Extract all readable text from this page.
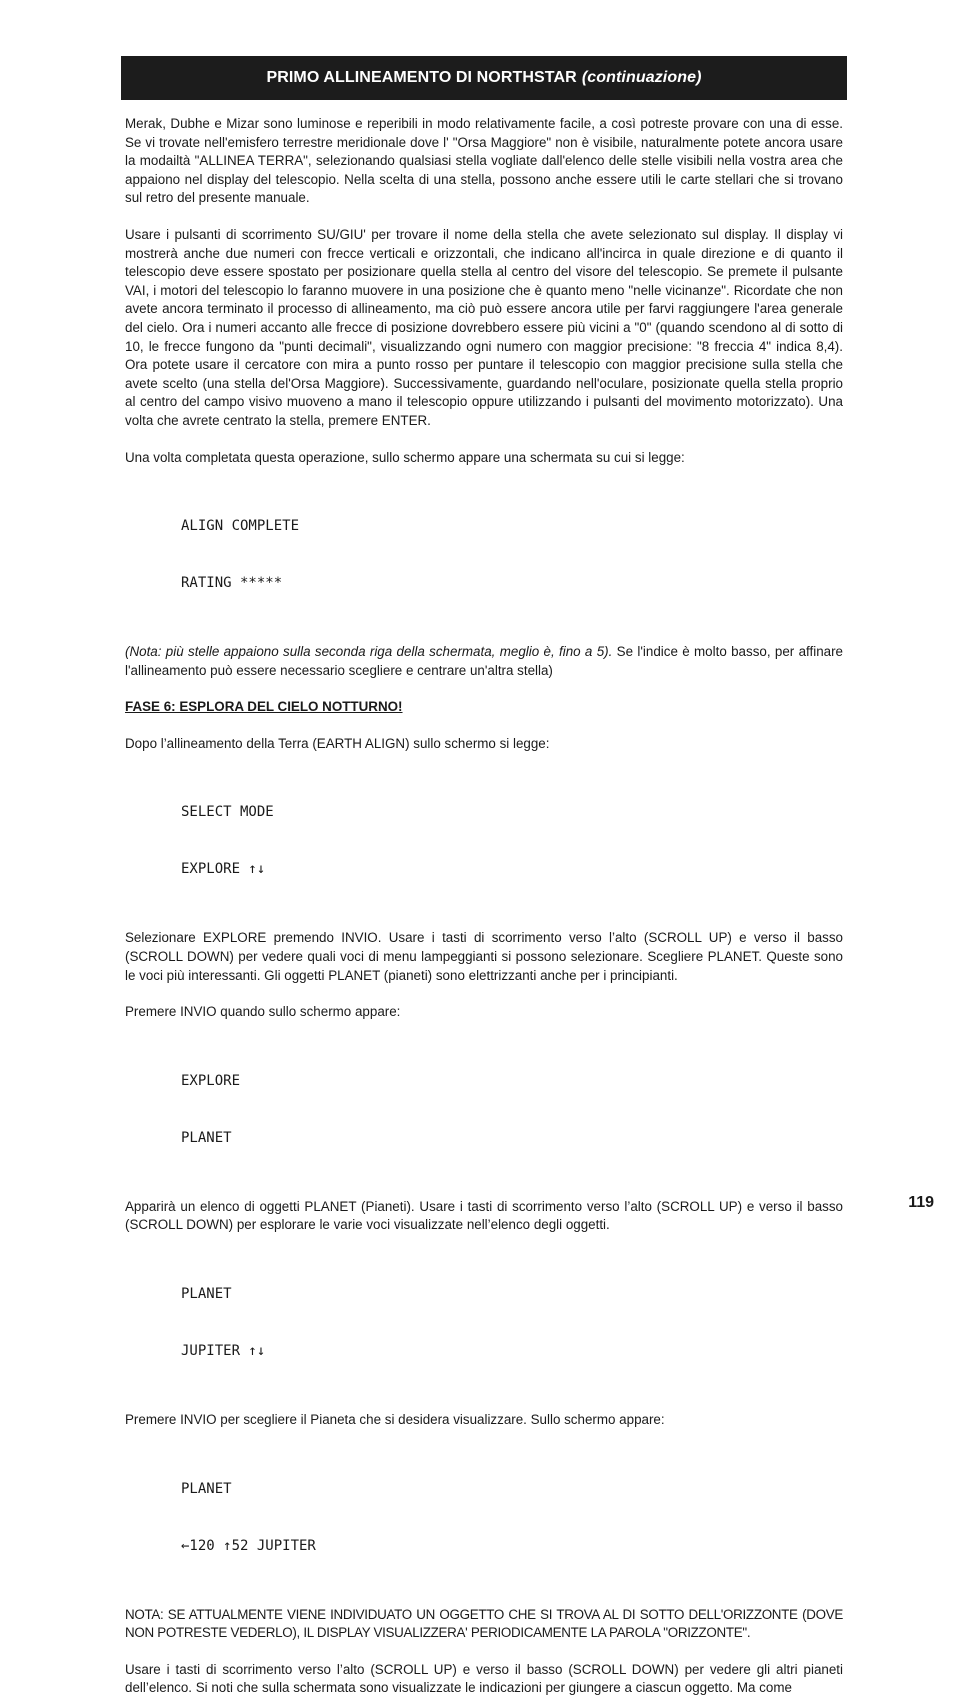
PRIMO ALLINEAMENTO DI NORTHSTAR (continuazione)

Merak, Dubhe e Mizar sono luminose e reperibili in modo relativamente facile, a così potreste provare con una di esse. Se vi trovate nell'emisfero terrestre meridionale dove l' "Orsa Maggiore" non è visibile, naturalmente potete ancora usare la modailtà "ALLINEA TERRA", selezionando qualsiasi stella vogliate dall'elenco delle stelle visibili nella vostra area che appaiono nel display del telescopio. Nella scelta di una stella, possono anche essere utili le carte stellari che si trovano sul retro del presente manuale.

Usare i pulsanti di scorrimento SU/GIU' per trovare il nome della stella che avete selezionato sul display. Il display vi mostrerà anche due numeri con frecce verticali e orizzontali, che indicano all'incirca in quale direzione e di quanto il telescopio deve essere spostato per posizionare quella stella al centro del visore del telescopio. Se premete il pulsante VAI, i motori del telescopio lo faranno muovere in una posizione che è quanto meno "nelle vicinanze". Ricordate che non avete ancora terminato il processo di allineamento, ma ciò può essere ancora utile per farvi raggiungere l'area generale del cielo. Ora i numeri accanto alle frecce di posizione dovrebbero essere più vicini a "0" (quando scendono al di sotto di 10, le frecce fungono da "punti decimali", visualizzando ogni numero con maggior precisione: "8 freccia 4" indica 8,4). Ora potete usare il cercatore con mira a punto rosso per puntare il telescopio con maggior precisione sulla stella che avete scelto (una stella del'Orsa Maggiore). Successivamente, guardando nell'oculare, posizionate quella stella proprio al centro del campo visivo muoveno a mano il telescopio oppure utilizzando i pulsanti del movimento motorizzato). Una volta che avrete centrato la stella, premere ENTER.

Una volta completata questa operazione, sullo schermo appare una schermata su cui si legge:

ALIGN COMPLETE

RATING *****

(Nota: più stelle appaiono sulla seconda riga della schermata, meglio è, fino a 5). Se l'indice è molto basso, per affinare l'allineamento può essere necessario scegliere e centrare un'altra stella)

FASE 6: ESPLORA DEL CIELO NOTTURNO!

Dopo l’allineamento della Terra (EARTH ALIGN) sullo schermo si legge:

SELECT MODE

EXPLORE ↑↓

Selezionare EXPLORE premendo INVIO. Usare i tasti di scorrimento verso l’alto (SCROLL UP) e verso il basso (SCROLL DOWN) per vedere quali voci di menu lampeggianti si possono selezionare. Scegliere PLANET. Queste sono le voci più interessanti. Gli oggetti PLANET (pianeti) sono elettrizzanti anche per i principianti.

Premere INVIO quando sullo schermo appare:

EXPLORE

PLANET

Apparirà un elenco di oggetti PLANET (Pianeti). Usare i tasti di scorrimento verso l’alto (SCROLL UP) e verso il basso (SCROLL DOWN) per esplorare le varie voci visualizzate nell’elenco degli oggetti.

PLANET

JUPITER ↑↓

Premere INVIO per scegliere il Pianeta che si desidera visualizzare. Sullo schermo appare:

PLANET

←120 ↑52 JUPITER

NOTA: SE ATTUALMENTE VIENE INDIVIDUATO UN OGGETTO CHE SI TROVA AL DI SOTTO DELL'ORIZZONTE (DOVE NON POTRESTE VEDERLO), IL DISPLAY VISUALIZZERA' PERIODICAMENTE LA PAROLA "ORIZZONTE".

Usare i tasti di scorrimento verso l’alto (SCROLL UP) e verso il basso (SCROLL DOWN) per vedere gli altri pianeti dell’elenco. Si noti che sulla schermata sono visualizzate le indicazioni per giungere a ciascun oggetto. Ma come

119
